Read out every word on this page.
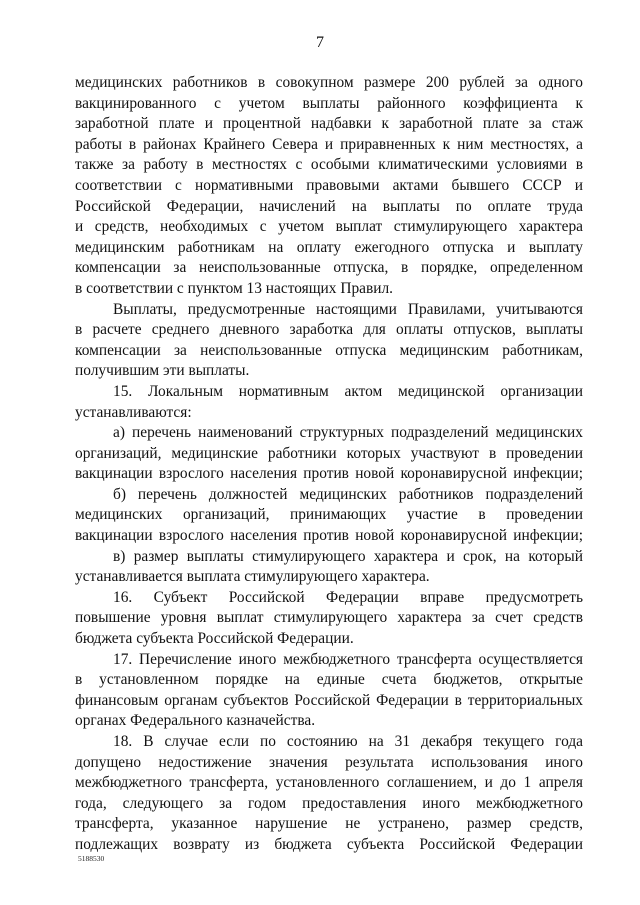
7
медицинских работников в совокупном размере 200 рублей за одного
вакцинированного с учетом выплаты районного коэффициента к
заработной плате и процентной надбавки к заработной плате за стаж
работы в районах Крайнего Севера и приравненных к ним местностях, а
также за работу в местностях с особыми климатическими условиями в
соответствии с нормативными правовыми актами бывшего СССР и
Российской Федерации, начислений на выплаты по оплате труда
и средств, необходимых с учетом выплат стимулирующего характера
медицинским работникам на оплату ежегодного отпуска и выплату
компенсации за неиспользованные отпуска, в порядке, определенном
в соответствии с пунктом 13 настоящих Правил.
Выплаты, предусмотренные настоящими Правилами, учитываются
в расчете среднего дневного заработка для оплаты отпусков, выплаты
компенсации за неиспользованные отпуска медицинским работникам,
получившим эти выплаты.
15. Локальным нормативным актом медицинской организации
устанавливаются:
а) перечень наименований структурных подразделений медицинских
организаций, медицинские работники которых участвуют в проведении
вакцинации взрослого населения против новой коронавирусной инфекции;
б) перечень должностей медицинских работников подразделений
медицинских организаций, принимающих участие в проведении
вакцинации взрослого населения против новой коронавирусной инфекции;
в) размер выплаты стимулирующего характера и срок, на который
устанавливается выплата стимулирующего характера.
16. Субъект Российской Федерации вправе предусмотреть
повышение уровня выплат стимулирующего характера за счет средств
бюджета субъекта Российской Федерации.
17. Перечисление иного межбюджетного трансферта осуществляется
в установленном порядке на единые счета бюджетов, открытые
финансовым органам субъектов Российской Федерации в территориальных
органах Федерального казначейства.
18. В случае если по состоянию на 31 декабря текущего года
допущено недостижение значения результата использования иного
межбюджетного трансферта, установленного соглашением, и до 1 апреля
года, следующего за годом предоставления иного межбюджетного
трансферта, указанное нарушение не устранено, размер средств,
подлежащих возврату из бюджета субъекта Российской Федерации
5188530
